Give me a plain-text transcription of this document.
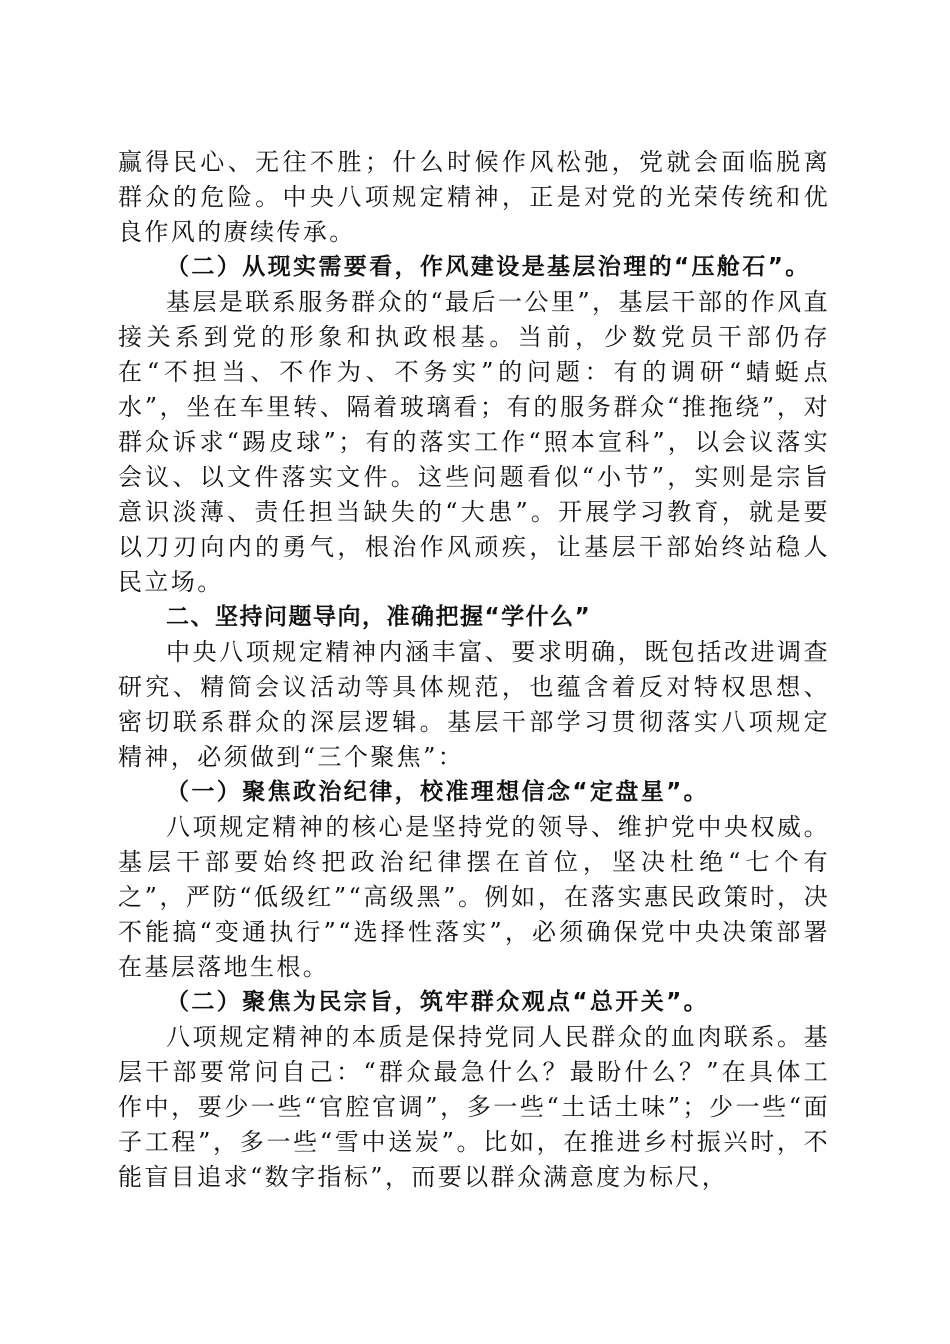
赢得民心、无往不胜；什么时候作风松弛，党就会面临脱离群众的危险。中央八项规定精神，正是对党的光荣传统和优良作风的赓续传承。

（二）从现实需要看，作风建设是基层治理的“压舱石”。

基层是联系服务群众的“最后一公里”，基层干部的作风直接关系到党的形象和执政根基。当前，少数党员干部仍存在“不担当、不作为、不务实”的问题：有的调研“蜻蜓点水”，坐在车里转、隔着玻璃看；有的服务群众“推拖绕”，对群众诉求“踢皮球”；有的落实工作“照本宣科”，以会议落实会议、以文件落实文件。这些问题看似“小节”，实则是宗旨意识淡薄、责任担当缺失的“大患”。开展学习教育，就是要以刀刃向内的勇气，根治作风顽疾，让基层干部始终站稳人民立场。

二、坚持问题导向，准确把握“学什么”

中央八项规定精神内涵丰富、要求明确，既包括改进调查研究、精简会议活动等具体规范，也蕴含着反对特权思想、密切联系群众的深层逻辑。基层干部学习贯彻落实八项规定精神，必须做到“三个聚焦”：

（一）聚焦政治纪律，校准理想信念“定盘星”。

八项规定精神的核心是坚持党的领导、维护党中央权威。基层干部要始终把政治纪律摆在首位，坚决杜绝“七个有之”，严防“低级红”“高级黑”。例如，在落实惠民政策时，决不能搞“变通执行”“选择性落实”，必须确保党中央决策部署在基层落地生根。

（二）聚焦为民宗旨，筑牢群众观点“总开关”。

八项规定精神的本质是保持党同人民群众的血肉联系。基层干部要常问自己：“群众最急什么？最盼什么？”在具体工作中，要少一些“官腔官调”，多一些“土话土味”；少一些“面子工程”，多一些“雪中送炭”。比如，在推进乡村振兴时，不能盲目追求“数字指标”，而要以群众满意度为标尺，
